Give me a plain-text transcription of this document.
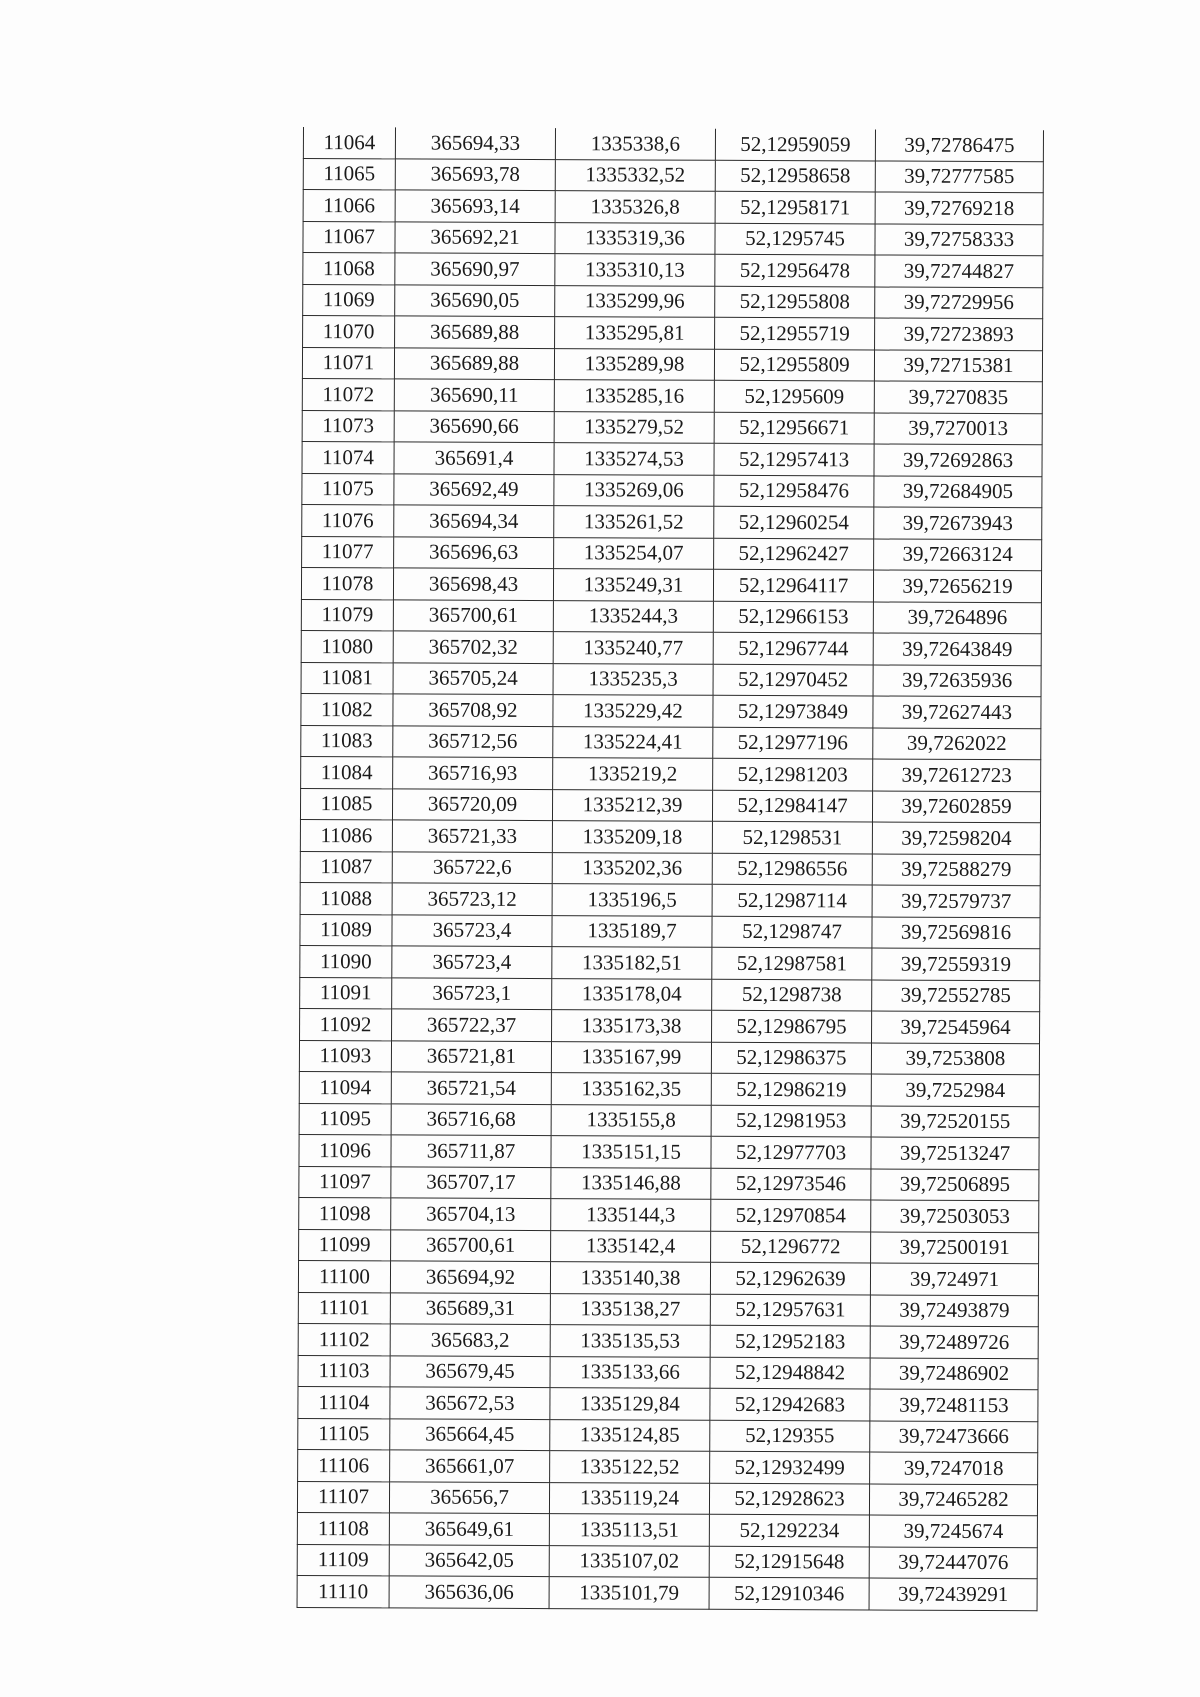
11064	365694,33	1335338,6	52,12959059	39,72786475
11065	365693,78	1335332,52	52,12958658	39,72777585
11066	365693,14	1335326,8	52,12958171	39,72769218
11067	365692,21	1335319,36	52,1295745	39,72758333
11068	365690,97	1335310,13	52,12956478	39,72744827
11069	365690,05	1335299,96	52,12955808	39,72729956
11070	365689,88	1335295,81	52,12955719	39,72723893
11071	365689,88	1335289,98	52,12955809	39,72715381
11072	365690,11	1335285,16	52,1295609	39,7270835
11073	365690,66	1335279,52	52,12956671	39,7270013
11074	365691,4	1335274,53	52,12957413	39,72692863
11075	365692,49	1335269,06	52,12958476	39,72684905
11076	365694,34	1335261,52	52,12960254	39,72673943
11077	365696,63	1335254,07	52,12962427	39,72663124
11078	365698,43	1335249,31	52,12964117	39,72656219
11079	365700,61	1335244,3	52,12966153	39,7264896
11080	365702,32	1335240,77	52,12967744	39,72643849
11081	365705,24	1335235,3	52,12970452	39,72635936
11082	365708,92	1335229,42	52,12973849	39,72627443
11083	365712,56	1335224,41	52,12977196	39,7262022
11084	365716,93	1335219,2	52,12981203	39,72612723
11085	365720,09	1335212,39	52,12984147	39,72602859
11086	365721,33	1335209,18	52,1298531	39,72598204
11087	365722,6	1335202,36	52,12986556	39,72588279
11088	365723,12	1335196,5	52,12987114	39,72579737
11089	365723,4	1335189,7	52,1298747	39,72569816
11090	365723,4	1335182,51	52,12987581	39,72559319
11091	365723,1	1335178,04	52,1298738	39,72552785
11092	365722,37	1335173,38	52,12986795	39,72545964
11093	365721,81	1335167,99	52,12986375	39,7253808
11094	365721,54	1335162,35	52,12986219	39,7252984
11095	365716,68	1335155,8	52,12981953	39,72520155
11096	365711,87	1335151,15	52,12977703	39,72513247
11097	365707,17	1335146,88	52,12973546	39,72506895
11098	365704,13	1335144,3	52,12970854	39,72503053
11099	365700,61	1335142,4	52,1296772	39,72500191
11100	365694,92	1335140,38	52,12962639	39,724971
11101	365689,31	1335138,27	52,12957631	39,72493879
11102	365683,2	1335135,53	52,12952183	39,72489726
11103	365679,45	1335133,66	52,12948842	39,72486902
11104	365672,53	1335129,84	52,12942683	39,72481153
11105	365664,45	1335124,85	52,129355	39,72473666
11106	365661,07	1335122,52	52,12932499	39,7247018
11107	365656,7	1335119,24	52,12928623	39,72465282
11108	365649,61	1335113,51	52,1292234	39,7245674
11109	365642,05	1335107,02	52,12915648	39,72447076
11110	365636,06	1335101,79	52,12910346	39,72439291
